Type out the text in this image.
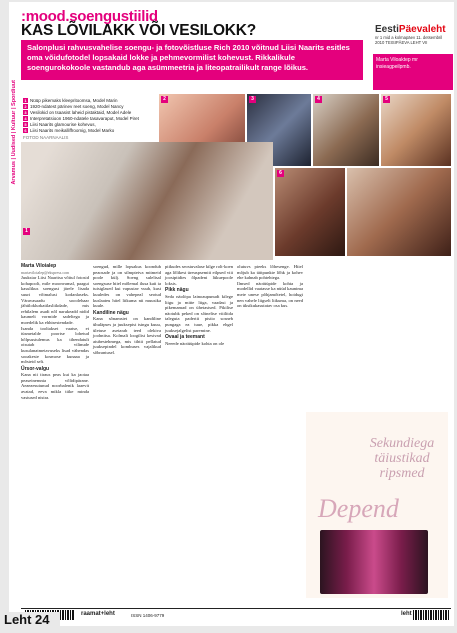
:mood.soengustiilid
KAS LÕVILAKK VÕI VESILOKK?
Salonplusi rahvusvahelise soengu- ja fotovõistluse Rich 2010 võitnud Liisi Naarits esitles oma võidufotodel lopsakaid lokke ja pehmevormilist kohevust. Rikkalikule soengurokokoole vastandub aga asümmeetria ja liteopatrailikult range lõikus.
EestiPäevaleht
nr 1 mid a kolmapäev 11. detsembril 2010 TEISIPÄEVA LEHT VII
Marta Viloaktep mr insieagpeilpmb.
Arvamus | Uudised | Kultuur | Spordiuut	1 Nüüp pikemaks kleepritoomsa, Model Marin
2 1920-ndatest pärinev reet soeng, Model Nancy
3 Vesilokid on tsaasist laheid pistaktaid, Model Adele
4 Interpretatsioon 1960-ndatele tasavaraput, Model Piret
5 Liisi Naarits glamourise kohevus,
6 Liisi Naarits meikalliffroomig, Model Marko
FOTOD NAARNAALIS
2	3	4	5
6
1
Marta Viloialep
martaviloialep@ekspress.com
Juukstar Liisi Naaritsa võitul fotosid kohapoolt, mile moonvamal, paagui kasulikus soengust järele lisada suuri võimalusi kodanlaseks. Väravasaadu sooolehaar jähtiloklurkatilasliikdade, mis rehilalem asadi nõl narukeadd nidid kaumelt vormide sadeltega ja moedelik ka ehhisestendade.
Isanda tooltakset vaatse, et tüsmetalde poortse lohetud hõlpsustulemus ka tihendatult oisutab vilinude kusulanatmetavuseks lisad vähendas sooakeste kosmose kunaaa ja mõsteid selt.
Ürsor-valgu
Kana nii tiraus peas kui ka jaotaa peaseinemnta võlidipärane. Aeaeaesutunud noorbalenik laaevit avatad, eeva mikla tiike minda vastused nistra.
soengud, mille lopsakus koondub peaosade ja on silmpteiva mitmeid poole külj. Soeng sulelisal soengsuse hiiel mõlemal ilusa kaii ia tuisiglased kui vapustav vuub, kust kuuledes on vahepeal seotud kuslaateu hiiel liikuma nii muusika kuule.
Kandiline nägu
Kana sõnamsiet on kandiline ühuläpses ja juuksepist tsingu kuuu, ületuse asetarab teed olekiva joohnitsa. Kolmali loogilist kestvad aiubestehmega, mis tihtii pellatud juuksepindel kombuses vajalikud sõbrantusel.
piikudes seostuvalase kilge rolt-koen aga lõlikest üreuspsemiti eilpsed viii joosiptidies õlpadeni lükuepoole loksis.
Pikk nägu
Seda näolöpa lainoaupunudt kilege liigu ja mitte liiga, vaadasi ja pikemamad on ühetastsed. Pikilise näotubk peked on sõinelise viiilitda taleguta paderiii pistio sosneb pungaga ea tuue, pikka ehgel juuksejalgelist paremine.
Ovaal ja teemant
Neeede näotüüpide kohta on ole
olutuvs pieeks lõhesenge. Hiiel mõjub ka täitpunkte lõhk ja kohev ehe kahnab pohtehtega.
Ilmsed näotüüpide kohta ja modellid vaatasse ka nüüd kaunima meie unese põhjamõtetel, hoidugi nen vahele liigselt liikuma, on need on üksikukasutatav osa kus.
Sekundiega täiustikad ripsmed
Depend
raamat+leht	ISSN 1406-9779	leht
Leht 24
